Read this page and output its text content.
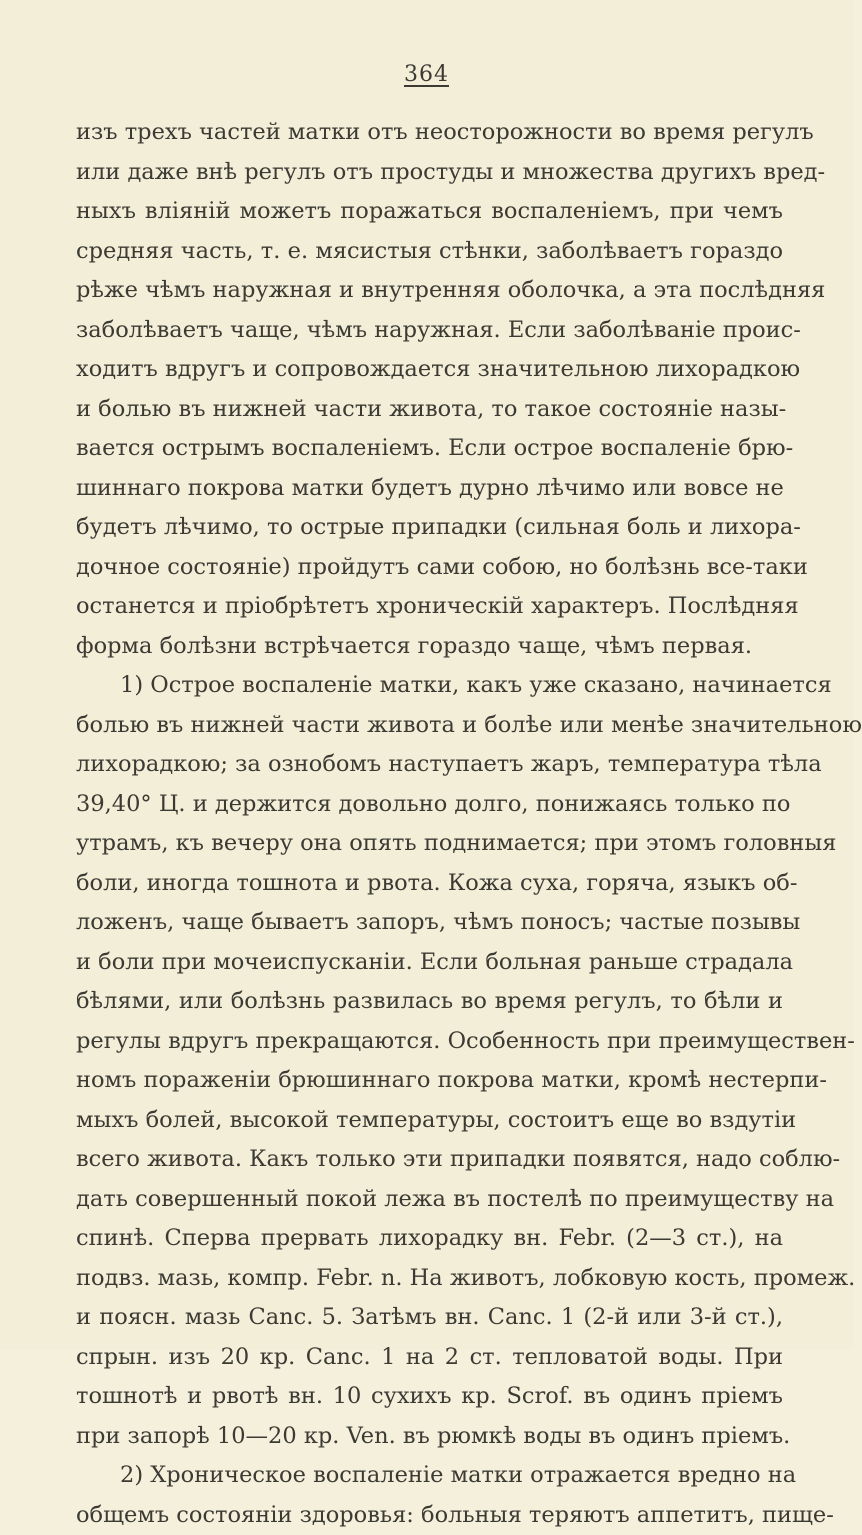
364
изъ трехъ частей матки отъ неосторожности во время регулъ
или даже внѣ регулъ отъ простуды и множества другихъ вред-
ныхъ вліяній можетъ поражаться воспаленіемъ, при чемъ
средняя часть, т. е. мясистыя стѣнки, заболѣваетъ гораздо
рѣже чѣмъ наружная и внутренняя оболочка, а эта послѣдняя
заболѣваетъ чаще, чѣмъ наружная. Если заболѣваніе проис-
ходитъ вдругъ и сопровождается значительною лихорадкою
и болью въ нижней части живота, то такое состояніе назы-
вается острымъ воспаленіемъ. Если острое воспаленіе брю-
шиннаго покрова матки будетъ дурно лѣчимо или вовсе не
будетъ лѣчимо, то острые припадки (сильная боль и лихора-
дочное состояніе) пройдутъ сами собою, но болѣзнь все-таки
останется и пріобрѣтетъ хроническій характеръ. Послѣдняя
форма болѣзни встрѣчается гораздо чаще, чѣмъ первая.
1) Острое воспаленіе матки, какъ уже сказано, начинается
болью въ нижней части живота и болѣе или менѣе значительною
лихорадкою; за ознобомъ наступаетъ жаръ, температура тѣла
39,40° Ц. и держится довольно долго, понижаясь только по
утрамъ, къ вечеру она опять поднимается; при этомъ головныя
боли, иногда тошнота и рвота. Кожа суха, горяча, языкъ об-
ложенъ, чаще бываетъ запоръ, чѣмъ поносъ; частые позывы
и боли при мочеиспусканіи. Если больная раньше страдала
бѣлями, или болѣзнь развилась во время регулъ, то бѣли и
регулы вдругъ прекращаются. Особенность при преимуществен-
номъ пораженіи брюшиннаго покрова матки, кромѣ нестерпи-
мыхъ болей, высокой температуры, состоитъ еще во вздутіи
всего живота. Какъ только эти припадки появятся, надо соблю-
дать совершенный покой лежа въ постелѣ по преимуществу на
спинѣ. Сперва прервать лихорадку вн. Febr. (2—3 ст.), на
подвз. мазь, компр. Febr. n. На животъ, лобковую кость, промеж.
и поясн. мазь Canc. 5. Затѣмъ вн. Canc. 1 (2-й или 3-й ст.),
спрын. изъ 20 кр. Canc. 1 на 2 ст. тепловатой воды. При
тошнотѣ и рвотѣ вн. 10 сухихъ кр. Scrof. въ одинъ пріемъ
при запорѣ 10—20 кр. Ven. въ рюмкѣ воды въ одинъ пріемъ.
2) Хроническое воспаленіе матки отражается вредно на
общемъ состояніи здоровья: больныя теряютъ аппетитъ, пище-
